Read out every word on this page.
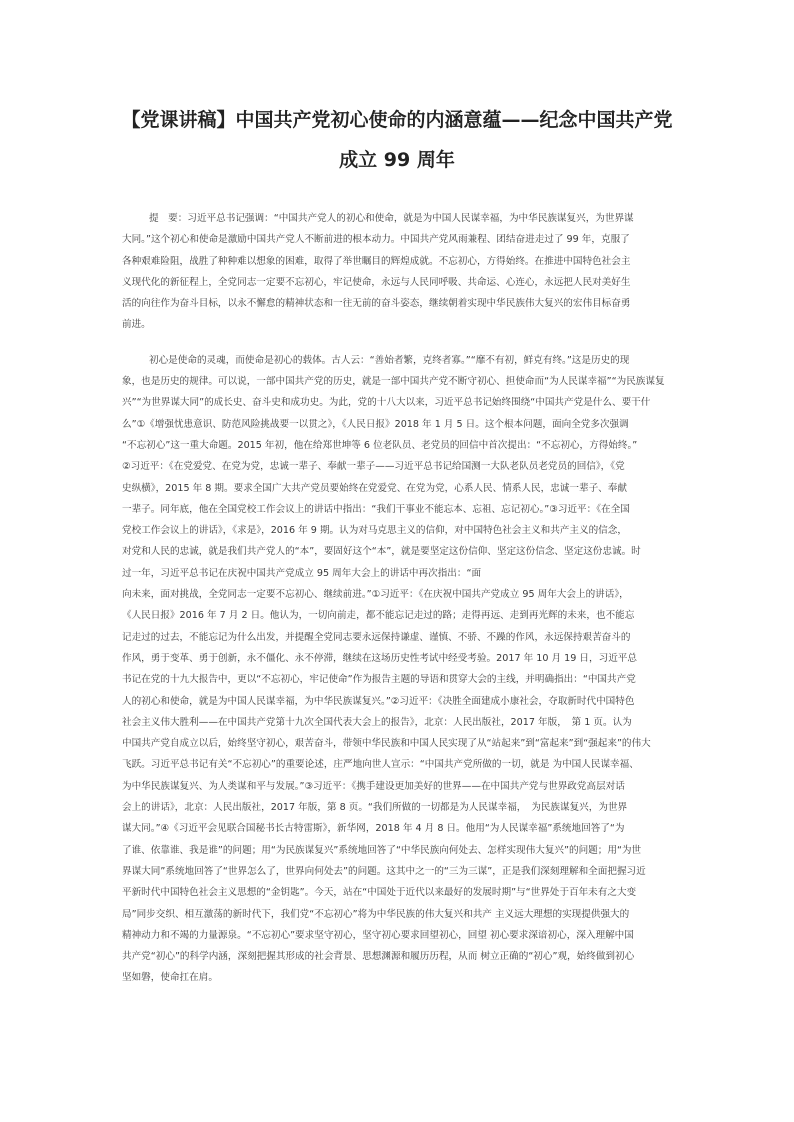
【党课讲稿】中国共产党初心使命的内涵意蕴——纪念中国共产党
成立 99 周年
提　要：习近平总书记强调：“中国共产党人的初心和使命，就是为中国人民谋幸福，为中华民族谋复兴，为世界谋
大同。”这个初心和使命是激励中国共产党人不断前进的根本动力。中国共产党风雨兼程、团结奋进走过了 99 年，克服了
各种艰难险阻，战胜了种种难以想象的困难，取得了举世瞩目的辉煌成就。不忘初心，方得始终。在推进中国特色社会主
义现代化的新征程上，全党同志一定要不忘初心，牢记使命，永远与人民同呼吸、共命运、心连心，永远把人民对美好生
活的向往作为奋斗目标，以永不懈怠的精神状态和一往无前的奋斗姿态，继续朝着实现中华民族伟大复兴的宏伟目标奋勇
前进。
初心是使命的灵魂，而使命是初心的载体。古人云：“善始者繁，克终者寡。”“靡不有初，鲜克有终。”这是历史的现
象，也是历史的规律。可以说，一部中国共产党的历史，就是一部中国共产党不断守初心、担使命而“为人民谋幸福”“为民族谋复
兴”“为世界谋大同”的成长史、奋斗史和成功史。为此，党的十八大以来，习近平总书记始终围绕“中国共产党是什么、要干什
么”①《增强忧患意识、防范风险挑战要一以贯之》，《人民日报》2018 年 1 月 5 日。这个根本问题，面向全党多次强调
“不忘初心”这一重大命题。2015 年初，他在给郑世坤等 6 位老队员、老党员的回信中首次提出：“不忘初心，方得始终。”
②习近平：《在党爱党、在党为党，忠诚一辈子、奉献一辈子——习近平总书记给国测一大队老队员老党员的回信》，《党
史纵横》，2015 年 8 期。要求全国广大共产党员要始终在党爱党、在党为党，心系人民、情系人民，忠诚一辈子、奉献
一辈子。同年底，他在全国党校工作会议上的讲话中指出：“我们干事业不能忘本、忘祖、忘记初心。”③习近平：《在全国
党校工作会议上的讲话》，《求是》，2016 年 9 期。认为对马克思主义的信仰，对中国特色社会主义和共产主义的信念，
对党和人民的忠诚，就是我们共产党人的“本”，要固好这个“本”，就是要坚定这份信仰、坚定这份信念、坚定这份忠诚。时
过一年，习近平总书记在庆祝中国共产党成立 95 周年大会上的讲话中再次指出：“面
向未来，面对挑战，全党同志一定要不忘初心、继续前进。”①习近平：《在庆祝中国共产党成立 95 周年大会上的讲话》，
《人民日报》2016 年 7 月 2 日。他认为，一切向前走，都不能忘记走过的路；走得再远、走到再光辉的未来，也不能忘
记走过的过去，不能忘记为什么出发，并提醒全党同志要永远保持谦虚、谨慎、不骄、不躁的作风，永远保持艰苦奋斗的
作风，勇于变革、勇于创新，永不僵化、永不停滞，继续在这场历史性考试中经受考验。2017 年 10 月 19 日，习近平总
书记在党的十九大报告中，更以“不忘初心，牢记使命”作为报告主题的导语和贯穿大会的主线，并明确指出：“中国共产党
人的初心和使命，就是为中国人民谋幸福，为中华民族谋复兴。”②习近平：《决胜全面建成小康社会，夺取新时代中国特色
社会主义伟大胜利——在中国共产党第十九次全国代表大会上的报告》，北京：人民出版社，2017 年版，　第 1 页。认为
中国共产党自成立以后，始终坚守初心，艰苦奋斗，带领中华民族和中国人民实现了从“站起来”到“富起来”到“强起来”的伟大
飞跃。习近平总书记有关“不忘初心”的重要论述，庄严地向世人宣示：“中国共产党所做的一切，就是 为中国人民谋幸福、
为中华民族谋复兴、为人类谋和平与发展。”③习近平：《携手建设更加美好的世界——在中国共产党与世界政党高层对话
会上的讲话》，北京：人民出版社，2017 年版，第 8 页。“我们所做的一切都是为人民谋幸福，　为民族谋复兴，为世界
谋大同。”④《习近平会见联合国秘书长古特雷斯》，新华网，2018 年 4 月 8 日。他用“为人民谋幸福”系统地回答了“为
了谁、依靠谁、我是谁”的问题；用“为民族谋复兴”系统地回答了“中华民族向何处去、怎样实现伟大复兴”的问题；用“为世
界谋大同”系统地回答了“世界怎么了，世界向何处去”的问题。这其中之一的“三为三谋”，正是我们深刻理解和全面把握习近
平新时代中国特色社会主义思想的“金钥匙”。今天，站在“中国处于近代以来最好的发展时期”与“世界处于百年未有之大变
局”同步交织、相互激荡的新时代下，我们党“不忘初心”将为中华民族的伟大复兴和共产 主义远大理想的实现提供强大的
精神动力和不竭的力量源泉。“不忘初心”要求坚守初心，坚守初心要求回望初心，回望 初心要求深谙初心，深入理解中国
共产党“初心”的科学内涵，深刻把握其形成的社会背景、思想渊源和履历历程，从而 树立正确的“初心”观，始终做到初心
坚如磐，使命扛在肩。
